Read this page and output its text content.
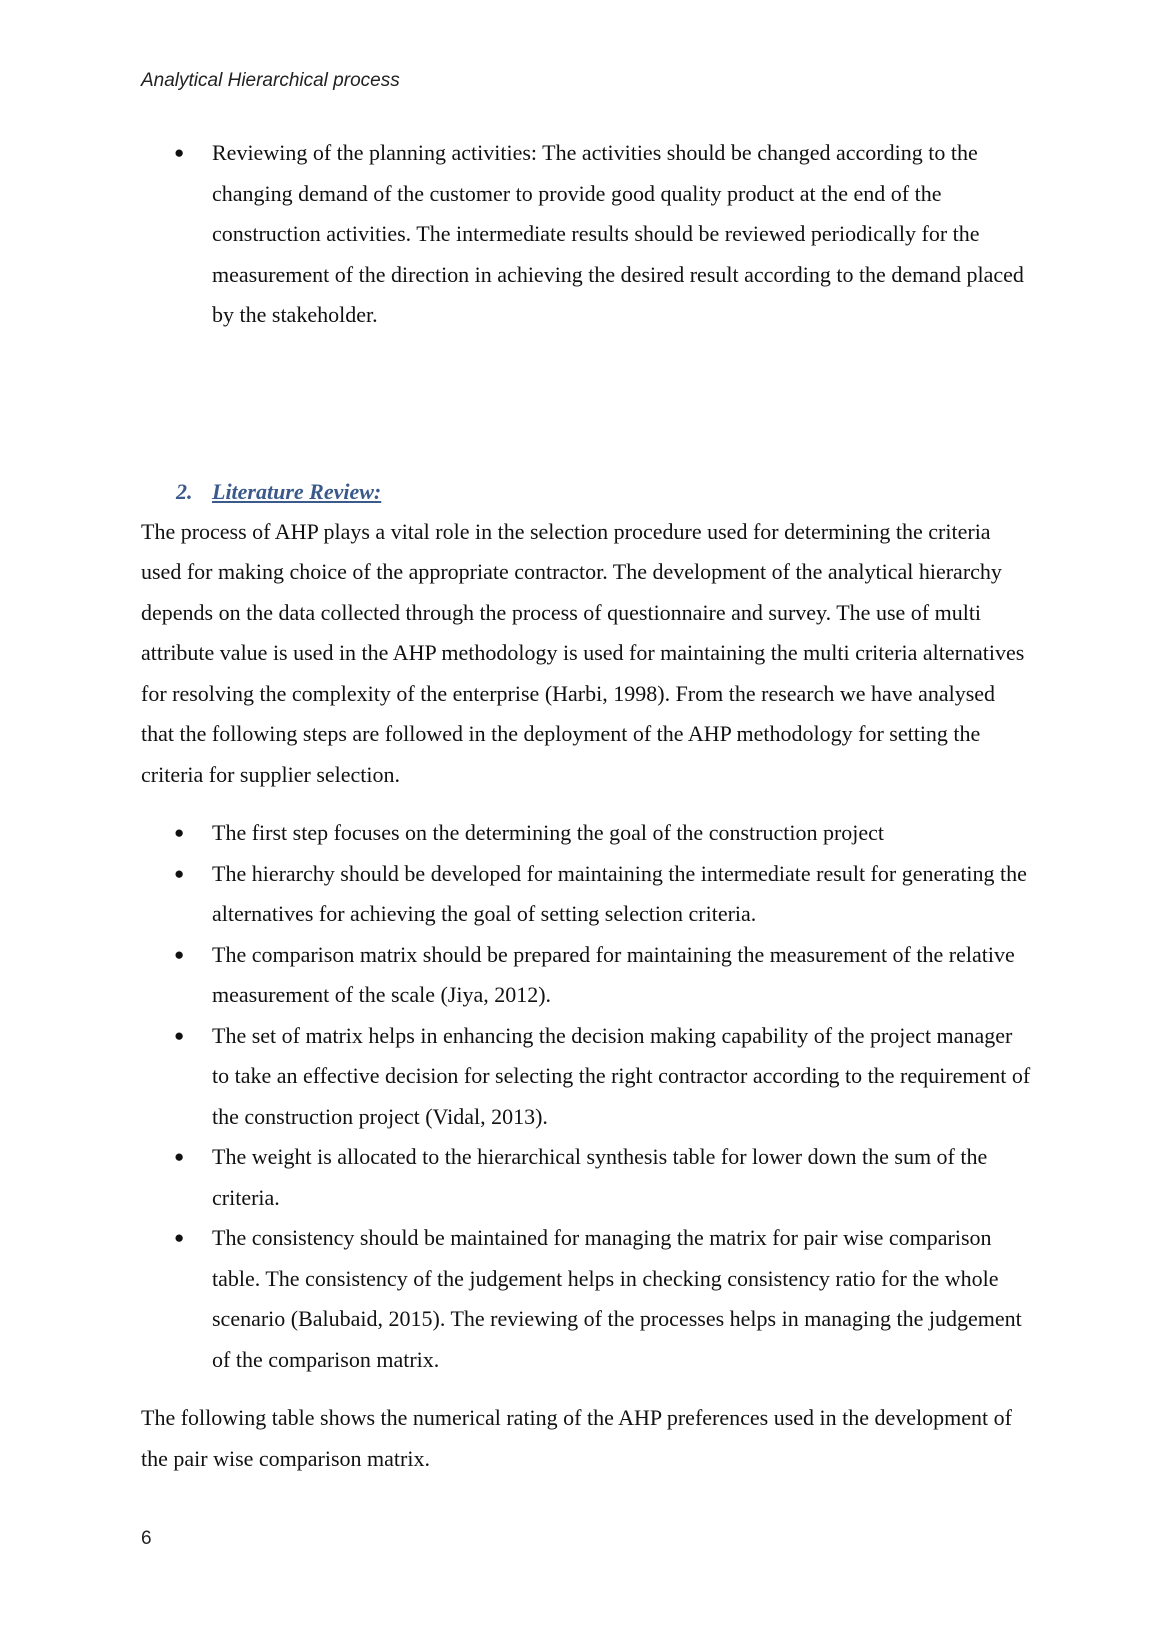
Analytical Hierarchical process
● Reviewing of the planning activities: The activities should be changed according to the changing demand of the customer to provide good quality product at the end of the construction activities. The intermediate results should be reviewed periodically for the measurement of the direction in achieving the desired result according to the demand placed by the stakeholder.
2. Literature Review:

The process of AHP plays a vital role in the selection procedure used for determining the criteria used for making choice of the appropriate contractor. The development of the analytical hierarchy depends on the data collected through the process of questionnaire and survey. The use of multi attribute value is used in the AHP methodology is used for maintaining the multi criteria alternatives for resolving the complexity of the enterprise (Harbi, 1998). From the research we have analysed that the following steps are followed in the deployment of the AHP methodology for setting the criteria for supplier selection.

● The first step focuses on the determining the goal of the construction project
● The hierarchy should be developed for maintaining the intermediate result for generating the alternatives for achieving the goal of setting selection criteria.
● The comparison matrix should be prepared for maintaining the measurement of the relative measurement of the scale (Jiya, 2012).
● The set of matrix helps in enhancing the decision making capability of the project manager to take an effective decision for selecting the right contractor according to the requirement of the construction project (Vidal, 2013).
● The weight is allocated to the hierarchical synthesis table for lower down the sum of the criteria.
● The consistency should be maintained for managing the matrix for pair wise comparison table. The consistency of the judgement helps in checking consistency ratio for the whole scenario (Balubaid, 2015). The reviewing of the processes helps in managing the judgement of the comparison matrix.

The following table shows the numerical rating of the AHP preferences used in the development of the pair wise comparison matrix.

6
